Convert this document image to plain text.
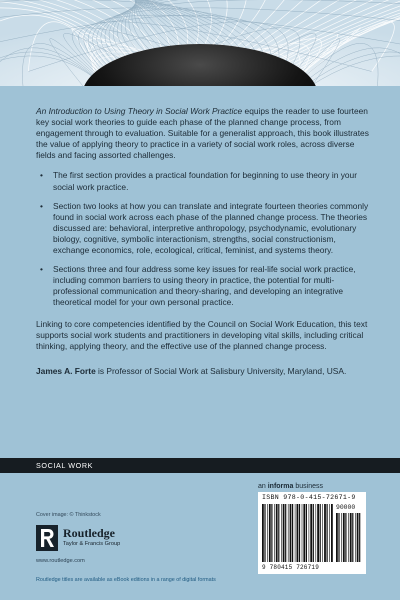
An Introduction to Using Theory in Social Work Practice equips the reader to use fourteen key social work theories to guide each phase of the planned change process, from engagement through to evaluation. Suitable for a generalist approach, this book illustrates the value of applying theory to practice in a variety of social work roles, across diverse fields and facing assorted challenges.

• The first section provides a practical foundation for beginning to use theory in your social work practice.
• Section two looks at how you can translate and integrate fourteen theories commonly found in social work across each phase of the planned change process. The theories discussed are: behavioral, interpretive anthropology, psychodynamic, evolutionary biology, cognitive, symbolic interactionism, strengths, social constructionism, exchange economics, role, ecological, critical, feminist, and systems theory.
• Sections three and four address some key issues for real-life social work practice, including common barriers to using theory in practice, the potential for multi-professional communication and theory-sharing, and developing an integrative theoretical model for your own personal practice.

Linking to core competencies identified by the Council on Social Work Education, this text supports social work students and practitioners in developing vital skills, including critical thinking, applying theory, and the effective use of the planned change process.

James A. Forte is Professor of Social Work at Salisbury University, Maryland, USA.

SOCIAL WORK
an informa business
Cover image: © Thinkstock
Routledge
Taylor & Francis Group
www.routledge.com
Routledge titles are available as eBook editions in a range of digital formats
ISBN 978-0-415-72671-9
90000
9 780415 726719
